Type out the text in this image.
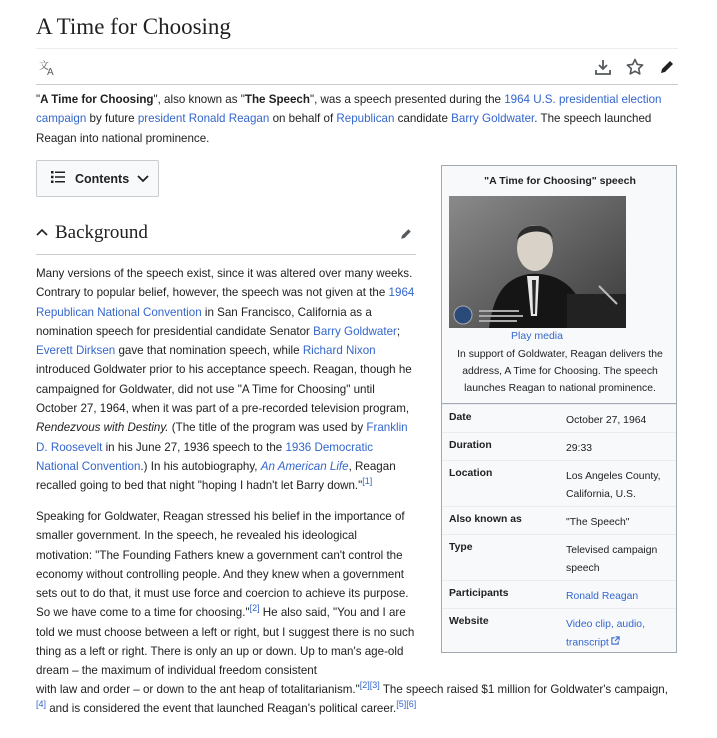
A Time for Choosing
文
A

"A Time for Choosing", also known as "The Speech", was a speech presented during the 1964 U.S. presidential election campaign by future president Ronald Reagan on behalf of Republican candidate Barry Goldwater. The speech launched Reagan into national prominence.

Contents
Background

Many versions of the speech exist, since it was altered over many weeks. Contrary to popular belief, however, the speech was not given at the 1964 Republican National Convention in San Francisco, California as a nomination speech for presidential candidate Senator Barry Goldwater; Everett Dirksen gave that nomination speech, while Richard Nixon introduced Goldwater prior to his acceptance speech. Reagan, though he campaigned for Goldwater, did not use "A Time for Choosing" until October 27, 1964, when it was part of a pre-recorded television program, Rendezvous with Destiny. (The title of the program was used by Franklin D. Roosevelt in his June 27, 1936 speech to the 1936 Democratic National Convention.) In his autobiography, An American Life, Reagan recalled going to bed that night "hoping I hadn't let Barry down."[1]

Speaking for Goldwater, Reagan stressed his belief in the importance of smaller government. In the speech, he revealed his ideological motivation: "The Founding Fathers knew a government can't control the economy without controlling people. And they knew when a government sets out to do that, it must use force and coercion to achieve its purpose. So we have come to a time for choosing."[2] He also said, "You and I are told we must choose between a left or right, but I suggest there is no such thing as a left or right. There is only an up or down. Up to man's age-old dream – the maximum of individual freedom consistent

with law and order – or down to the ant heap of totalitarianism."[2][3] The speech raised $1 million for Goldwater's campaign,[4] and is considered the event that launched Reagan's political career.[5][6]

"A Time for Choosing" speech
Play media

In support of Goldwater, Reagan delivers the address, A Time for Choosing. The speech launches Reagan to national prominence.

Date	October 27, 1964
Duration	29:33
Location	Los Angeles County, California, U.S.
Also known as	"The Speech"
Type	Televised campaign speech
Participants	Ronald Reagan
Website	Video clip, audio, transcript
